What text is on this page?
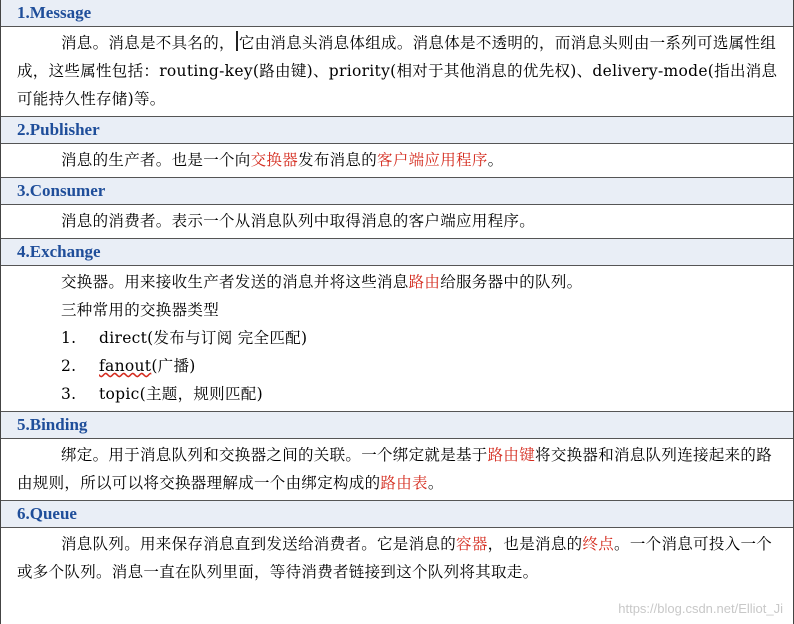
1.Message

消息。消息是不具名的， 它由消息头消息体组成。消息体是不透明的，而消息头则由一系列可选属性组成，这些属性包括：routing-key(路由键)、priority(相对于其他消息的优先权)、delivery-mode(指出消息可能持久性存储)等。

2.Publisher

消息的生产者。也是一个向交换器发布消息的客户端应用程序。

3.Consumer

消息的消费者。表示一个从消息队列中取得消息的客户端应用程序。

4.Exchange

交换器。用来接收生产者发送的消息并将这些消息路由给服务器中的队列。

三种常用的交换器类型

1. direct(发布与订阅 完全匹配)
2. fanout(广播)
3. topic(主题，规则匹配)
5.Binding

绑定。用于消息队列和交换器之间的关联。一个绑定就是基于路由键将交换器和消息队列连接起来的路由规则，所以可以将交换器理解成一个由绑定构成的路由表。

6.Queue

消息队列。用来保存消息直到发送给消费者。它是消息的容器，也是消息的终点。一个消息可投入一个或多个队列。消息一直在队列里面，等待消费者链接到这个队列将其取走。

https://blog.csdn.net/Elliot_Ji
